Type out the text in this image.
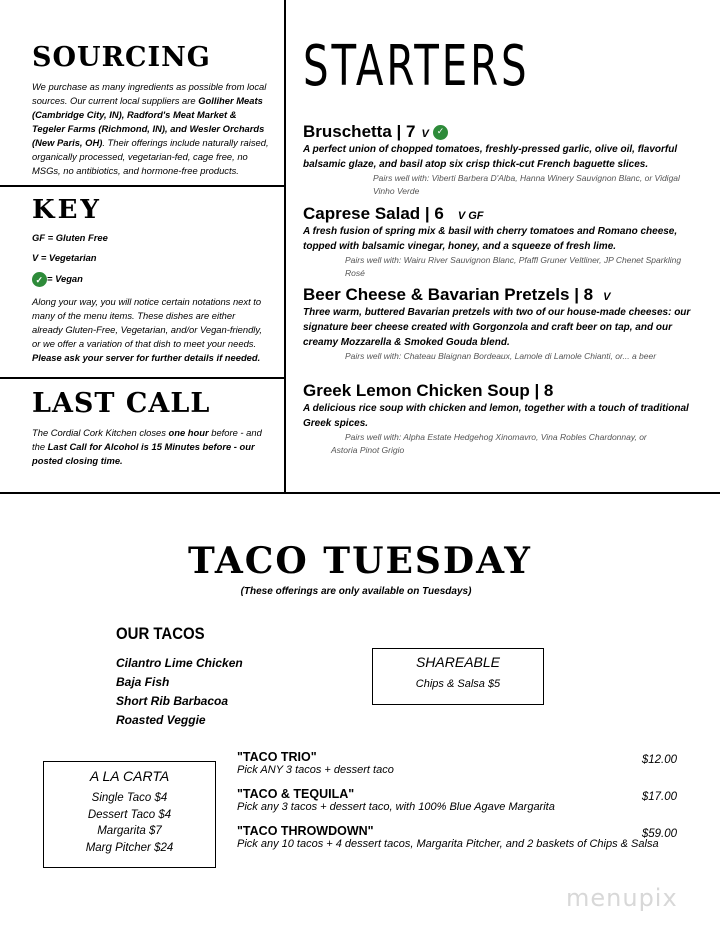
SOURCING
We purchase as many ingredients as possible from local sources. Our current local suppliers are Golliher Meats (Cambridge City, IN), Radford's Meat Market & Tegeler Farms (Richmond, IN), and Wesler Orchards (New Paris, OH). Their offerings include naturally raised, organically processed, vegetarian-fed, cage free, no MSGs, no antibiotics, and hormone-free products.
KEY
GF = Gluten Free
V = Vegetarian
✓= Vegan
Along your way, you will notice certain notations next to many of the menu items. These dishes are either already Gluten-Free, Vegetarian, and/or Vegan-friendly, or we offer a variation of that dish to meet your needs. Please ask your server for further details if needed.
LAST CALL
The Cordial Cork Kitchen closes one hour before - and the Last Call for Alcohol is 15 Minutes before - our posted closing time.
STARTERS
Bruschetta | 7 V ✓
A perfect union of chopped tomatoes, freshly-pressed garlic, olive oil, flavorful balsamic glaze, and basil atop six crisp thick-cut French baguette slices.
Pairs well with: Viberti Barbera D'Alba, Hanna Winery Sauvignon Blanc, or Vidigal Vinho Verde
Caprese Salad | 6 V GF
A fresh fusion of spring mix & basil with cherry tomatoes and Romano cheese, topped with balsamic vinegar, honey, and a squeeze of fresh lime.
Pairs well with: Wairu River Sauvignon Blanc, Pfaffl Gruner Veltliner, JP Chenet Sparkling Rosé
Beer Cheese & Bavarian Pretzels | 8 V
Three warm, buttered Bavarian pretzels with two of our house-made cheeses: our signature beer cheese created with Gorgonzola and craft beer on tap, and our creamy Mozzarella & Smoked Gouda blend.
Pairs well with: Chateau Blaignan Bordeaux, Lamole di Lamole Chianti, or... a beer
Greek Lemon Chicken Soup | 8
A delicious rice soup with chicken and lemon, together with a touch of traditional Greek spices.
Pairs well with: Alpha Estate Hedgehog Xinomavro, Vina Robles Chardonnay, or
Astoria Pinot Grigio
TACO TUESDAY
(These offerings are only available on Tuesdays)
OUR TACOS
Cilantro Lime Chicken
Baja Fish
Short Rib Barbacoa
Roasted Veggie
SHAREABLE
Chips & Salsa $5
A LA CARTA
Single Taco $4
Dessert Taco $4
Margarita $7
Marg Pitcher $24
"TACO TRIO"
Pick ANY 3 tacos + dessert taco
$12.00
"TACO & TEQUILA"
Pick any 3 tacos + dessert taco, with 100% Blue Agave Margarita
$17.00
"TACO THROWDOWN"
Pick any 10 tacos + 4 dessert tacos, Margarita Pitcher, and 2 baskets of Chips & Salsa
$59.00
menupix
